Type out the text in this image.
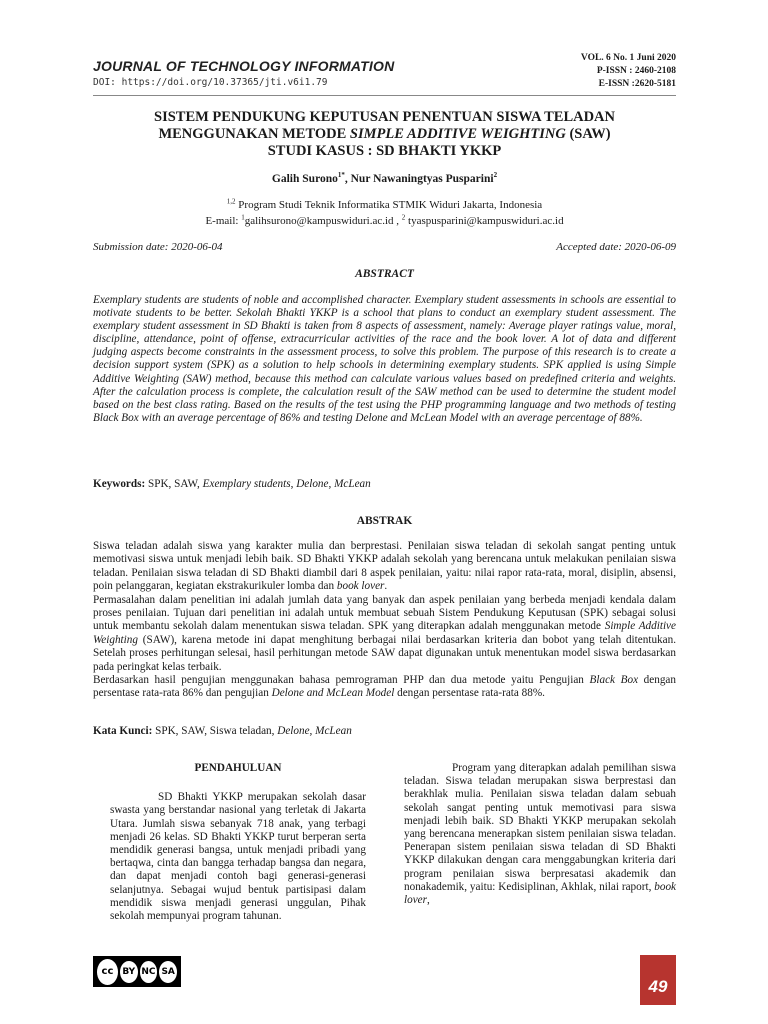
JOURNAL OF TECHNOLOGY INFORMATION
DOI: https://doi.org/10.37365/jti.v6i1.79
VOL. 6 No. 1 Juni 2020
P-ISSN : 2460-2108
E-ISSN :2620-5181
SISTEM PENDUKUNG KEPUTUSAN PENENTUAN SISWA TELADAN
MENGGUNAKAN METODE SIMPLE ADDITIVE WEIGHTING (SAW)
STUDI KASUS : SD BHAKTI YKKP
Galih Surono$^{1*}$, Nur Nawaningtyas Pusparini$^2$
$^{1,2}$ Program Studi Teknik Informatika STMIK Widuri Jakarta, Indonesia
E-mail: $^1$galihsurono@kampuswiduri.ac.id , $^2$ tyaspusparini@kampuswiduri.ac.id
Submission date: 2020-06-04	Accepted date: 2020-06-09
ABSTRACT
Exemplary students are students of noble and accomplished character. Exemplary student assessments in schools are essential to motivate students to be better. Sekolah Bhakti YKKP is a school that plans to conduct an exemplary student assessment. The exemplary student assessment in SD Bhakti is taken from 8 aspects of assessment, namely: Average player ratings value, moral, discipline, attendance, point of offense, extracurricular activities of the race and the book lover. A lot of data and different judging aspects become constraints in the assessment process, to solve this problem. The purpose of this research is to create a decision support system (SPK) as a solution to help schools in determining exemplary students. SPK applied is using Simple Additive Weighting (SAW) method, because this method can calculate various values based on predefined criteria and weights. After the calculation process is complete, the calculation result of the SAW method can be used to determine the student model based on the best class rating. Based on the results of the test using the PHP programming language and two methods of testing Black Box with an average percentage of 86% and testing Delone and McLean Model with an average percentage of 88%.
Keywords: SPK, SAW, Exemplary students, Delone, McLean
ABSTRAK
Siswa teladan adalah siswa yang karakter mulia dan berprestasi. Penilaian siswa teladan di sekolah sangat penting untuk memotivasi siswa untuk menjadi lebih baik. SD Bhakti YKKP adalah sekolah yang berencana untuk melakukan penilaian siswa teladan. Penilaian siswa teladan di SD Bhakti diambil dari 8 aspek penilaian, yaitu: nilai rapor rata-rata, moral, disiplin, absensi, poin pelanggaran, kegiatan ekstrakurikuler lomba dan book lover.
Permasalahan dalam penelitian ini adalah jumlah data yang banyak dan aspek penilaian yang berbeda menjadi kendala dalam proses penilaian. Tujuan dari penelitian ini adalah untuk membuat sebuah Sistem Pendukung Keputusan (SPK) sebagai solusi untuk membantu sekolah dalam menentukan siswa teladan. SPK yang diterapkan adalah menggunakan metode Simple Additive Weighting (SAW), karena metode ini dapat menghitung berbagai nilai berdasarkan kriteria dan bobot yang telah ditentukan. Setelah proses perhitungan selesai, hasil perhitungan metode SAW dapat digunakan untuk menentukan model siswa berdasarkan pada peringkat kelas terbaik.
Berdasarkan hasil pengujian menggunakan bahasa pemrograman PHP dan dua metode yaitu Pengujian Black Box dengan persentase rata-rata 86% dan pengujian Delone and McLean Model dengan persentase rata-rata 88%.
Kata Kunci: SPK, SAW, Siswa teladan, Delone, McLean
PENDAHULUAN
SD Bhakti YKKP merupakan sekolah dasar swasta yang berstandar nasional yang terletak di Jakarta Utara. Jumlah siswa sebanyak 718 anak, yang terbagi menjadi 26 kelas. SD Bhakti YKKP turut berperan serta mendidik generasi bangsa, untuk menjadi pribadi yang bertaqwa, cinta dan bangga terhadap bangsa dan negara, dan dapat menjadi contoh bagi generasi-generasi selanjutnya. Sebagai wujud bentuk partisipasi dalam mendidik siswa menjadi generasi unggulan, Pihak sekolah mempunyai program tahunan.
Program yang diterapkan adalah pemilihan siswa teladan. Siswa teladan merupakan siswa berprestasi dan berakhlak mulia. Penilaian siswa teladan dalam sebuah sekolah sangat penting untuk memotivasi para siswa menjadi lebih baik. SD Bhakti YKKP merupakan sekolah yang berencana menerapkan sistem penilaian siswa teladan. Penerapan sistem penilaian siswa teladan di SD Bhakti YKKP dilakukan dengan cara menggabungkan kriteria dari program penilaian siswa berpresatasi akademik dan nonakademik, yaitu: Kedisiplinan, Akhlak, nilai raport, book lover,
cc BY NC SA
49
